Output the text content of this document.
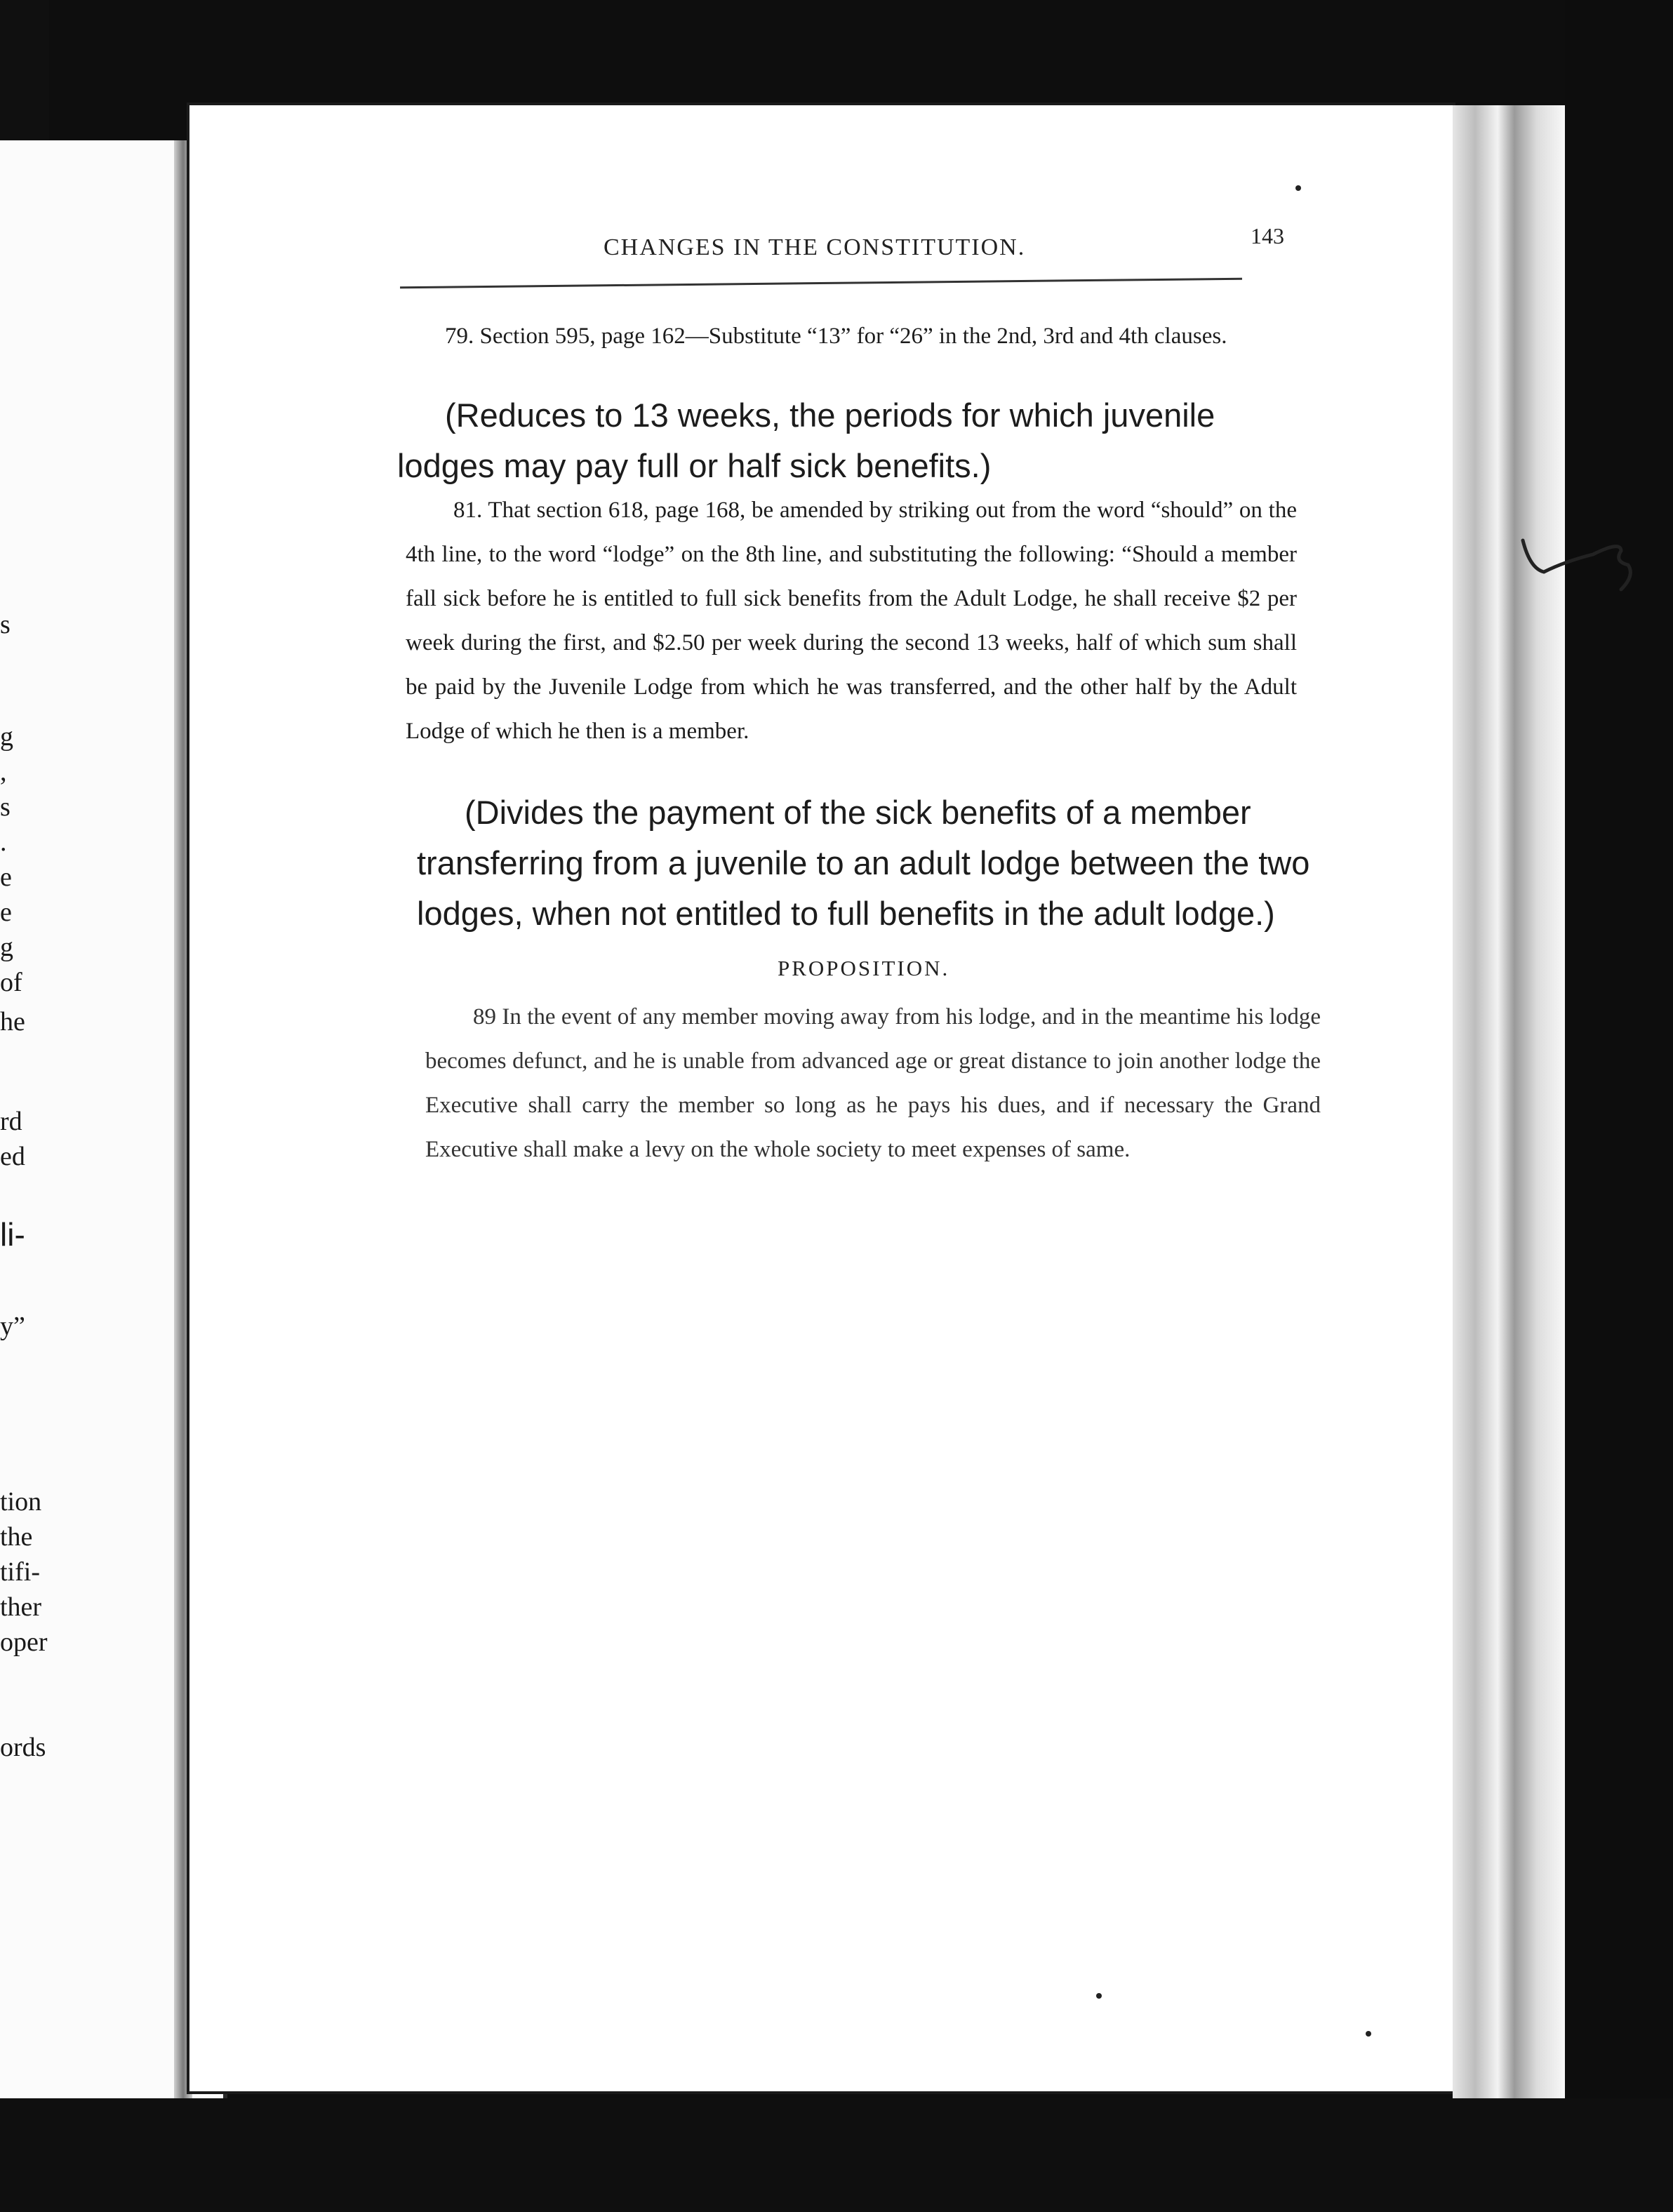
s
g
,
s
.
e
e
g
of
he
rd
ed
li-
y”
tion
the
tifi-
ther
oper
ords
CHANGES IN THE CONSTITUTION.	143

79. Section 595, page 162—Substitute “13” for “26” in the 2nd, 3rd and 4th clauses.

(Reduces to 13 weeks, the periods for which juvenile lodges may pay full or half sick benefits.)

81. That section 618, page 168, be amended by striking out from the word “should” on the 4th line, to the word “lodge” on the 8th line, and substituting the following: “Should a member fall sick before he is entitled to full sick benefits from the Adult Lodge, he shall receive $2 per week during the first, and $2.50 per week during the second 13 weeks, half of which sum shall be paid by the Juvenile Lodge from which he was transferred, and the other half by the Adult Lodge of which he then is a member.

(Divides the payment of the sick benefits of a member transferring from a juvenile to an adult lodge between the two lodges, when not entitled to full benefits in the adult lodge.)

PROPOSITION.

89 In the event of any member moving away from his lodge, and in the meantime his lodge becomes defunct, and he is unable from advanced age or great distance to join another lodge the Executive shall carry the member so long as he pays his dues, and if necessary the Grand Executive shall make a levy on the whole society to meet expenses of same.
